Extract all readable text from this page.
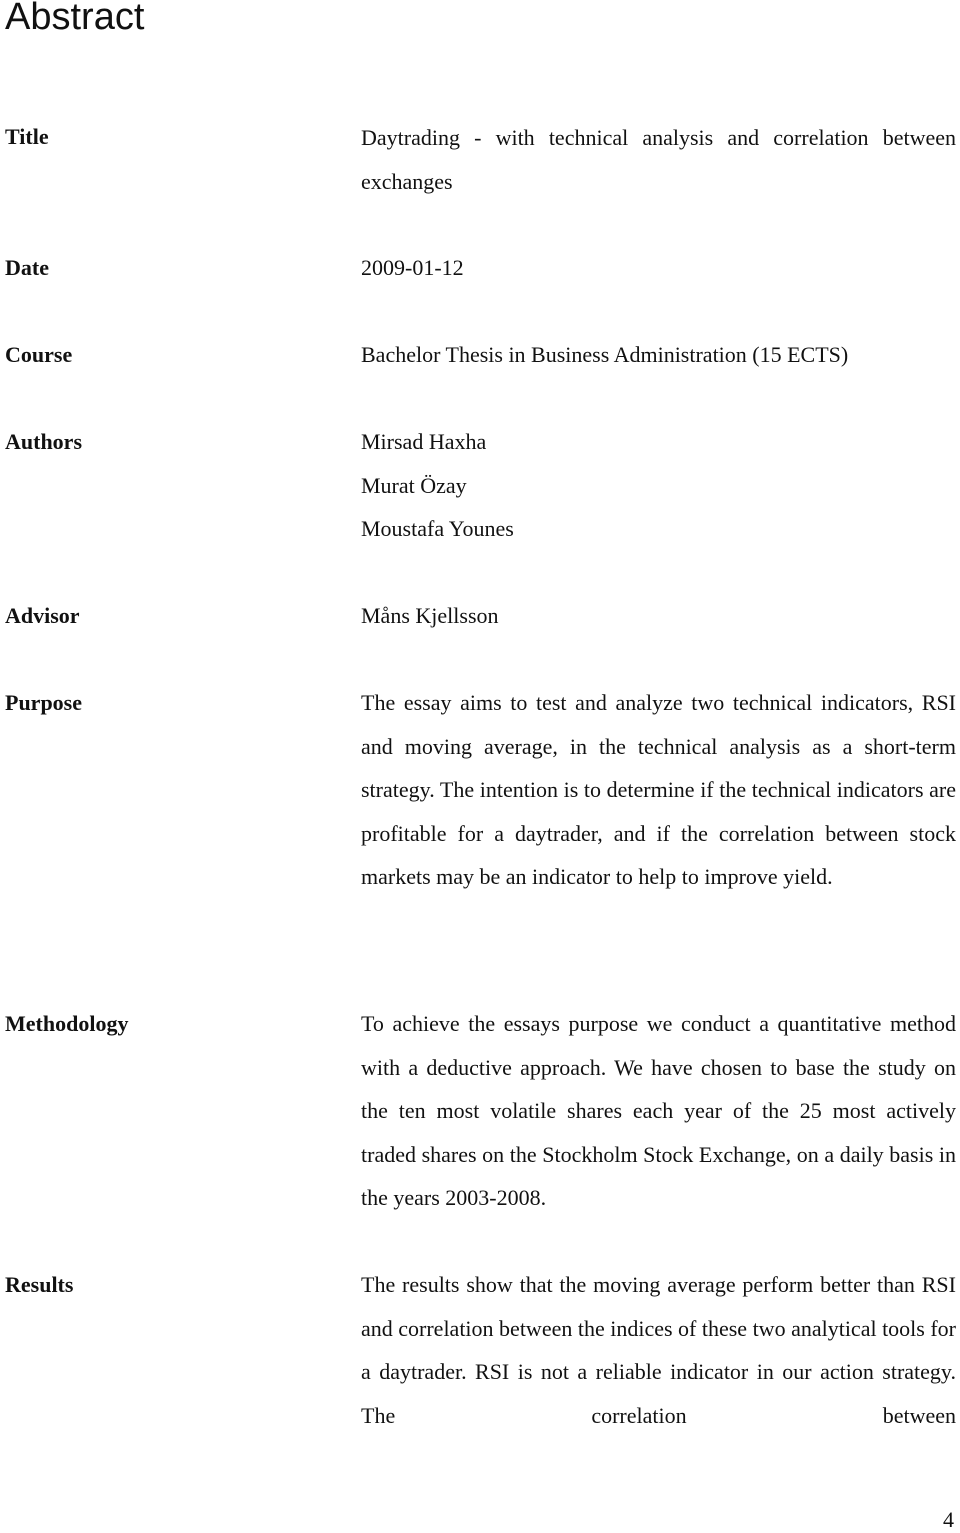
Abstract
Title	Daytrading - with technical analysis and correlation between exchanges
Date	2009-01-12
Course	Bachelor Thesis in Business Administration (15 ECTS)
Authors	Mirsad Haxha
Murat Özay
Moustafa Younes
Advisor	Måns Kjellsson
Purpose	The essay aims to test and analyze two technical indicators, RSI and moving average, in the technical analysis as a short-term strategy. The intention is to determine if the technical indicators are profitable for a daytrader, and if the correlation between stock markets may be an indicator to help to improve yield.
Methodology	To achieve the essays purpose we conduct a quantitative method with a deductive approach. We have chosen to base the study on the ten most volatile shares each year of the 25 most actively traded shares on the Stockholm Stock Exchange, on a daily basis in the years 2003-2008.
Results	The results show that the moving average perform better than RSI and correlation between the indices of these two analytical tools for a daytrader. RSI is not a reliable indicator in our action strategy. The correlation between
4
